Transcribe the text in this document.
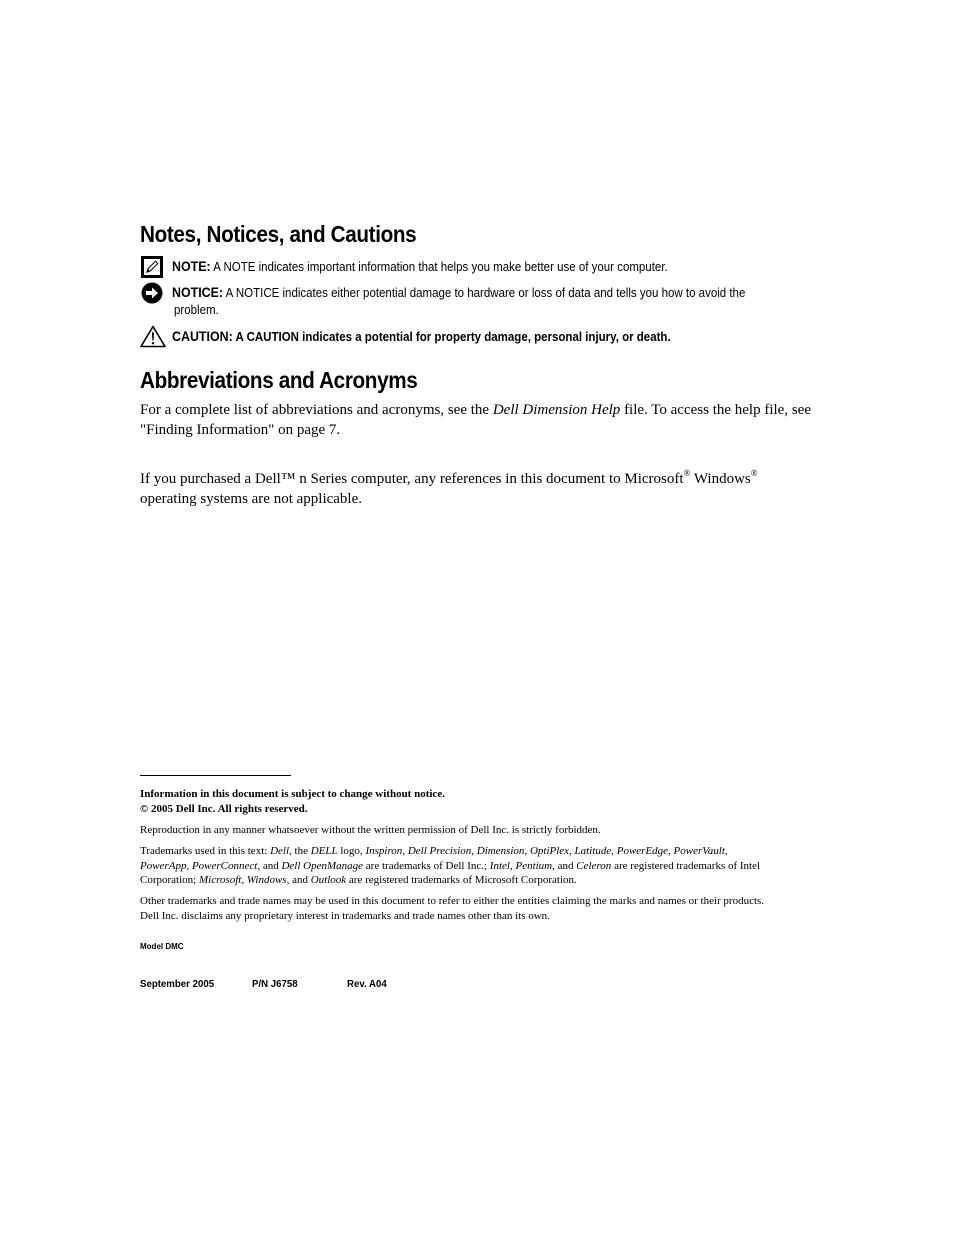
Notes, Notices, and Cautions
NOTE: A NOTE indicates important information that helps you make better use of your computer.
NOTICE: A NOTICE indicates either potential damage to hardware or loss of data and tells you how to avoid the
problem.
CAUTION: A CAUTION indicates a potential for property damage, personal injury, or death.
Abbreviations and Acronyms
For a complete list of abbreviations and acronyms, see the Dell Dimension Help file. To access the help file, see
"Finding Information" on page 7.
If you purchased a Dell™ n Series computer, any references in this document to Microsoft® Windows®
operating systems are not applicable.
Information in this document is subject to change without notice.
© 2005 Dell Inc. All rights reserved.
Reproduction in any manner whatsoever without the written permission of Dell Inc. is strictly forbidden.
Trademarks used in this text: Dell, the DELL logo, Inspiron, Dell Precision, Dimension, OptiPlex, Latitude, PowerEdge, PowerVault,
PowerApp, PowerConnect, and Dell OpenManage are trademarks of Dell Inc.; Intel, Pentium, and Celeron are registered trademarks of Intel
Corporation; Microsoft, Windows, and Outlook are registered trademarks of Microsoft Corporation.
Other trademarks and trade names may be used in this document to refer to either the entities claiming the marks and names or their products.
Dell Inc. disclaims any proprietary interest in trademarks and trade names other than its own.
Model DMC
September 2005	P/N J6758	Rev. A04
